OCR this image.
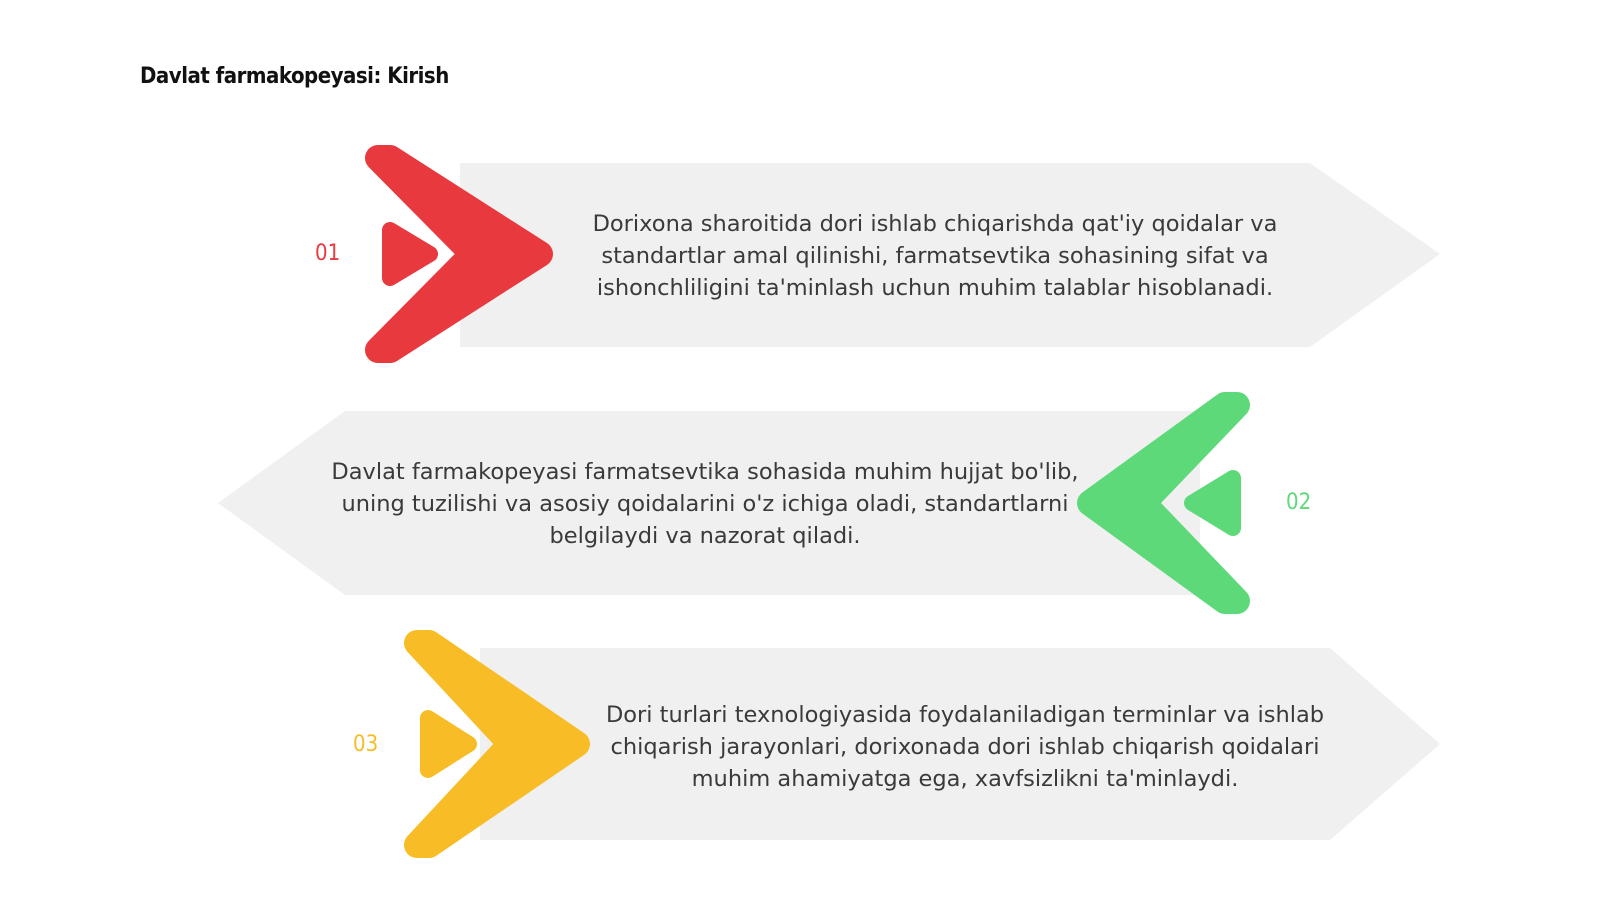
Davlat farmakopeyasi: Kirish
01
02
03

Dorixona sharoitida dori ishlab chiqarishda qat'iy qoidalar va standartlar amal qilinishi, farmatsevtika sohasining sifat va ishonchliligini ta'minlash uchun muhim talablar hisoblanadi.

Davlat farmakopeyasi farmatsevtika sohasida muhim hujjat bo'lib, uning tuzilishi va asosiy qoidalarini o'z ichiga oladi, standartlarni belgilaydi va nazorat qiladi.

Dori turlari texnologiyasida foydalaniladigan terminlar va ishlab chiqarish jarayonlari, dorixonada dori ishlab chiqarish qoidalari muhim ahamiyatga ega, xavfsizlikni ta'minlaydi.
